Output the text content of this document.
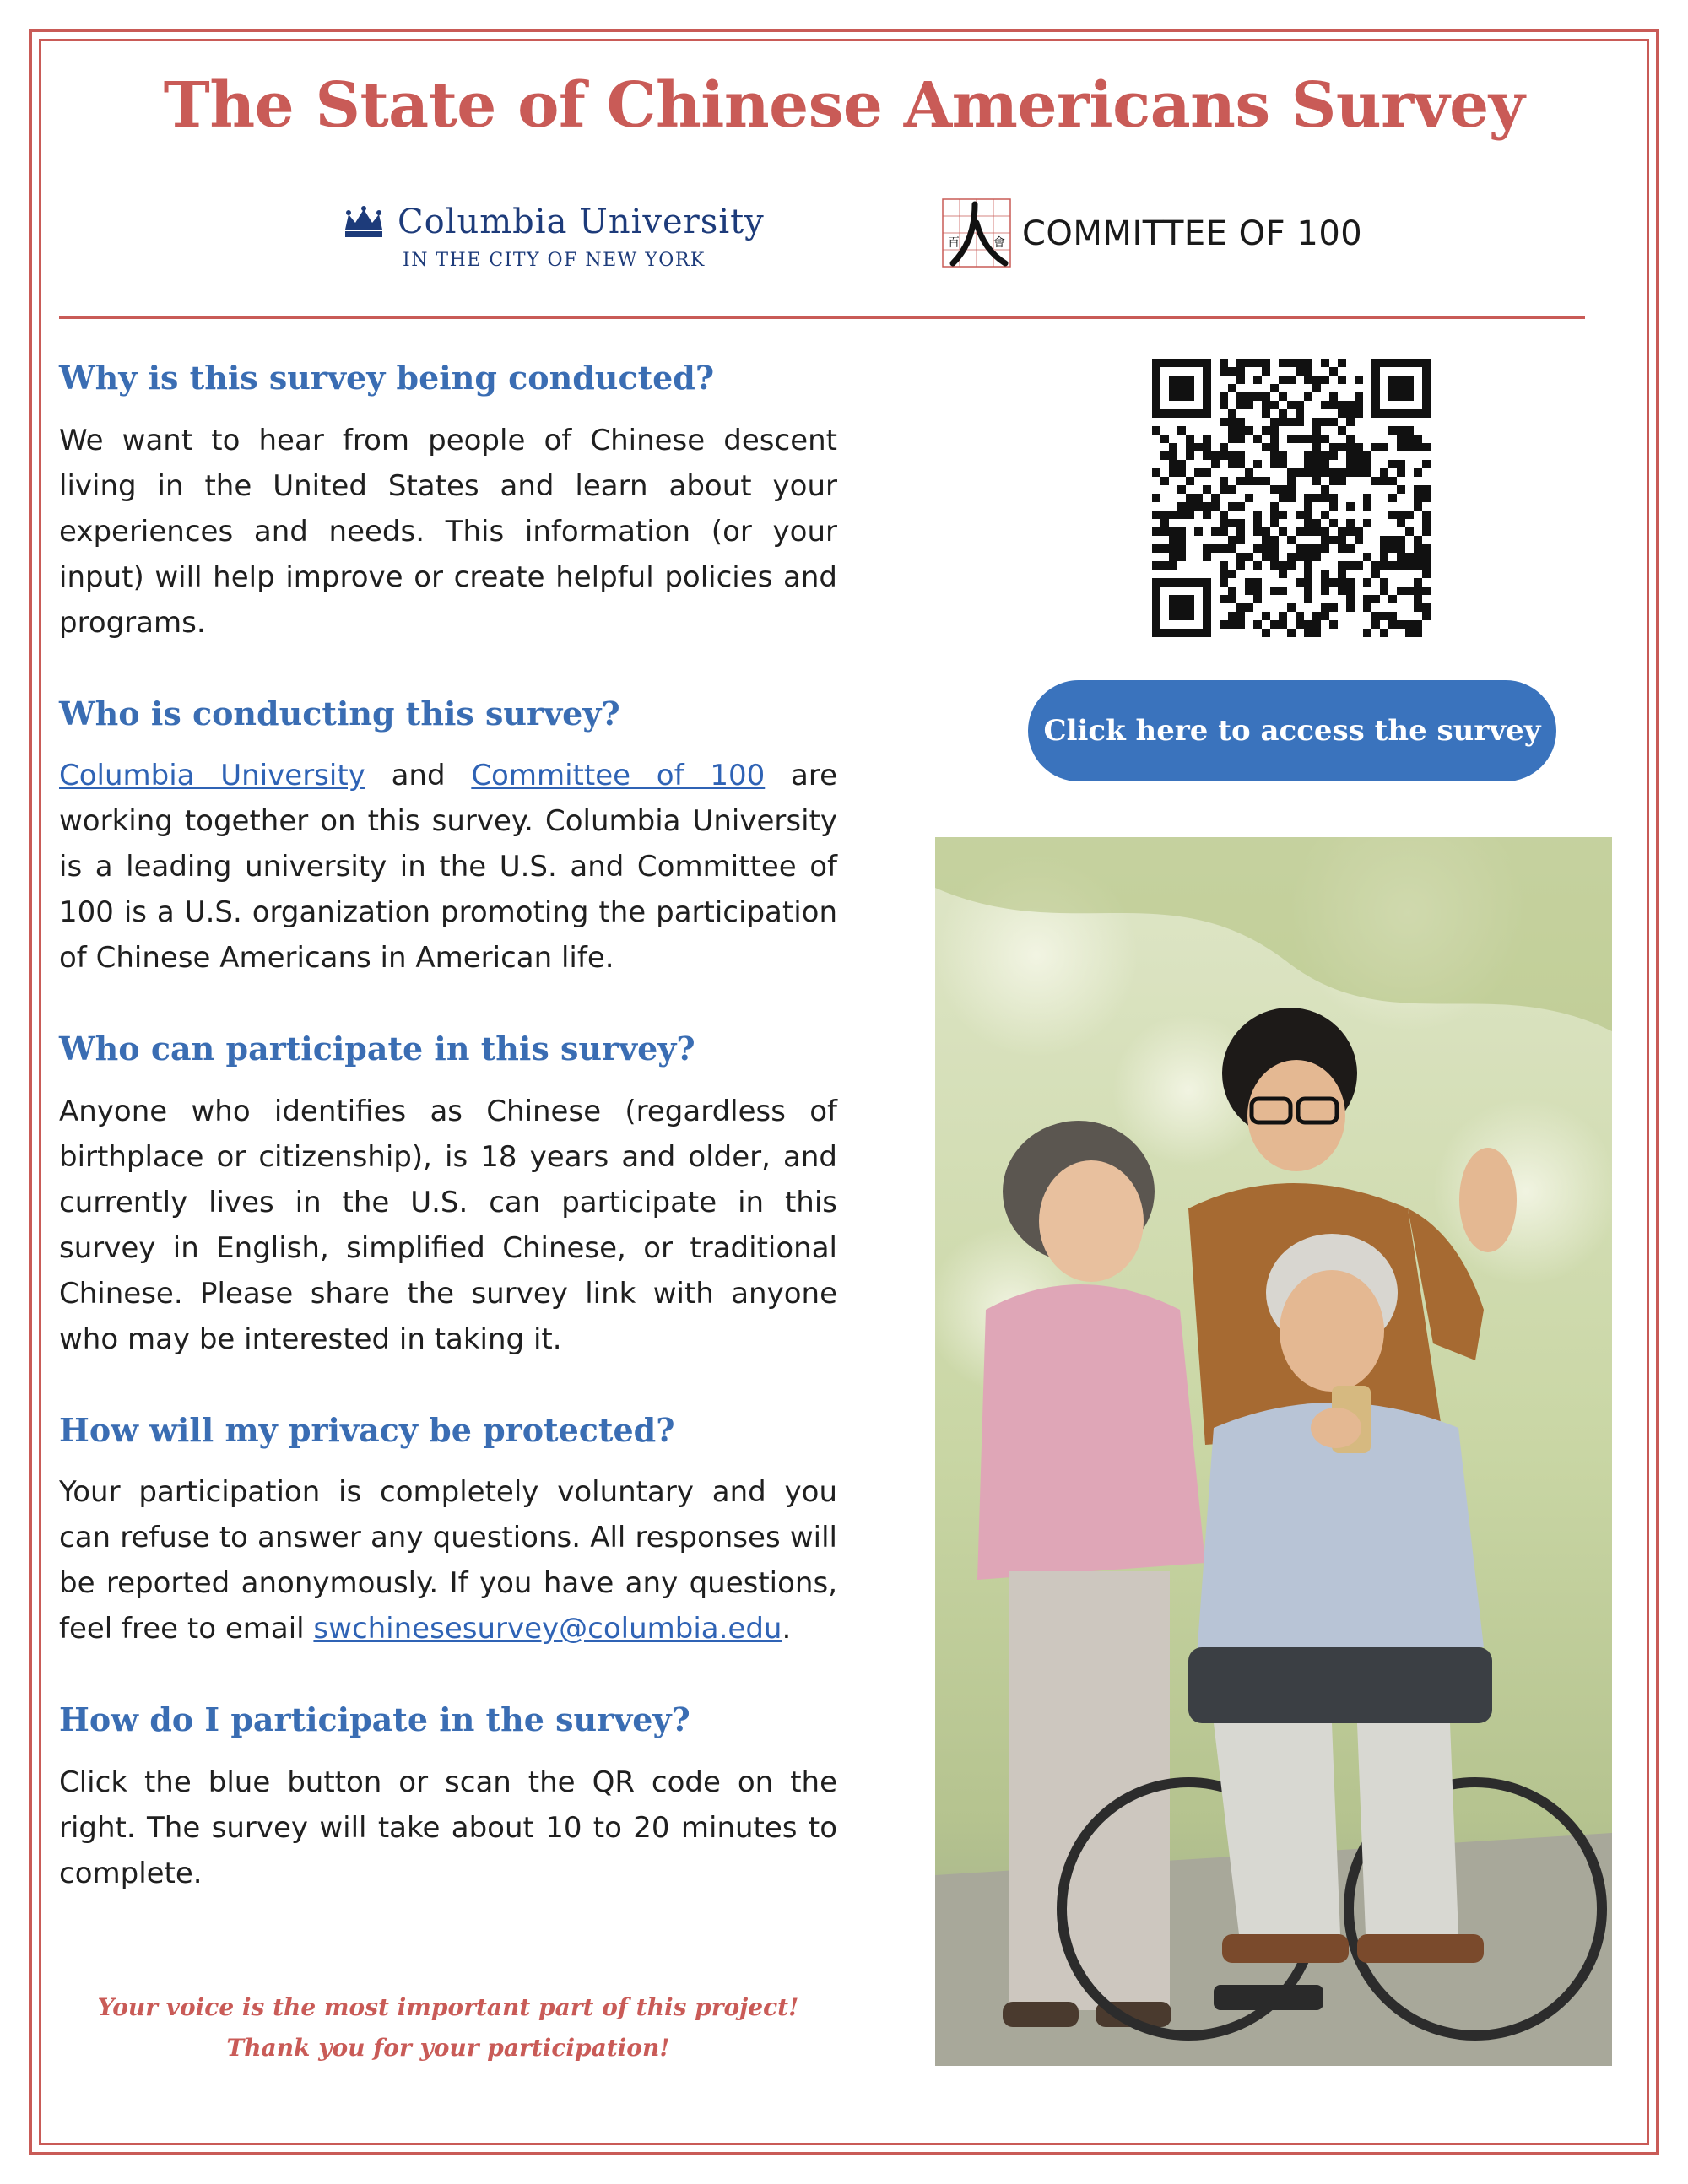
The State of Chinese Americans Survey
Columbia University
IN THE CITY OF NEW YORK
百	會 COMMITTEE OF 100
Why is this survey being conducted?

We want to hear from people of Chinese descent living in the United States and learn about your experiences and needs. This information (or your input) will help improve or create helpful policies and programs.

Who is conducting this survey?

Columbia University and Committee of 100 are working together on this survey. Columbia University is a leading university in the U.S. and Committee of 100 is a U.S. organization promoting the participation of Chinese Americans in American life.

Who can participate in this survey?

Anyone who identifies as Chinese (regardless of birthplace or citizenship), is 18 years and older, and currently lives in the U.S. can participate in this survey in English, simplified Chinese, or traditional Chinese. Please share the survey link with anyone who may be interested in taking it.

How will my privacy be protected?

Your participation is completely voluntary and you can refuse to answer any questions. All responses will be reported anonymously. If you have any questions, feel free to email swchinesesurvey@columbia.edu.

How do I participate in the survey?

Click the blue button or scan the QR code on the right. The survey will take about 10 to 20 minutes to complete.

Your voice is the most important part of this project!
Thank you for your participation!
Click here to access the survey
